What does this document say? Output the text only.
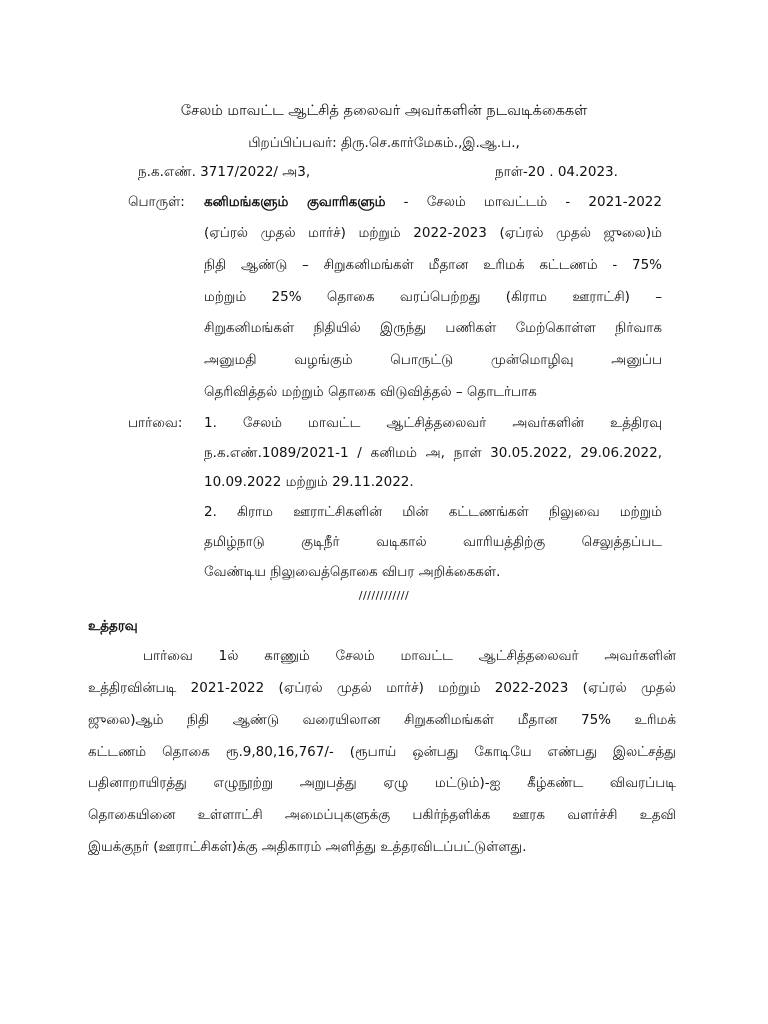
சேலம் மாவட்ட ஆட்சித் தலைவர் அவர்களின் நடவடிக்கைகள்
பிறப்பிப்பவர்: திரு.செ.கார்மேகம்.,இ.ஆ.ப.,
ந.க.எண். 3717/2022/ அ3,	நாள்-20 . 04.2023.
பொருள்: கனிமங்களும் குவாரிகளும் - சேலம் மாவட்டம் - 2021-2022
(ஏப்ரல் முதல் மார்ச்) மற்றும் 2022-2023 (ஏப்ரல் முதல் ஜுலை)ம்
நிதி ஆண்டு – சிறுகனிமங்கள் மீதான உரிமக் கட்டணம் - 75%
மற்றும் 25% தொகை வரப்பெற்றது (கிராம ஊராட்சி) –
சிறுகனிமங்கள் நிதியில் இருந்து பணிகள் மேற்கொள்ள நிர்வாக
அனுமதி வழங்கும் பொருட்டு முன்மொழிவு அனுப்ப
தெரிவித்தல் மற்றும் தொகை விடுவித்தல் – தொடர்பாக
பார்வை: 1. சேலம் மாவட்ட ஆட்சித்தலைவர் அவர்களின் உத்திரவு
ந.க.எண்.1089/2021-1 / கனிமம் அ, நாள் 30.05.2022, 29.06.2022,
10.09.2022 மற்றும் 29.11.2022.
2. கிராம ஊராட்சிகளின் மின் கட்டணங்கள் நிலுவை மற்றும்
தமிழ்நாடு குடிநீர் வடிகால் வாரியத்திற்கு செலுத்தப்பட
வேண்டிய நிலுவைத்தொகை விபர அறிக்கைகள்.
////////////
உத்தரவு
பார்வை 1ல் காணும் சேலம் மாவட்ட ஆட்சித்தலைவர் அவர்களின்
உத்திரவின்படி 2021-2022 (ஏப்ரல் முதல் மார்ச்) மற்றும் 2022-2023 (ஏப்ரல் முதல்
ஜுலை)ஆம் நிதி ஆண்டு வரையிலான சிறுகனிமங்கள் மீதான 75% உரிமக்
கட்டணம் தொகை ரூ.9,80,16,767/- (ரூபாய் ஒன்பது கோடியே எண்பது இலட்சத்து
பதினாறாயிரத்து எழுநூற்று அறுபத்து ஏழு மட்டும்)-ஐ கீழ்கண்ட விவரப்படி
தொகையினை உள்ளாட்சி அமைப்புகளுக்கு பகிர்ந்தளிக்க ஊரக வளர்ச்சி உதவி
இயக்குநர் (ஊராட்சிகள்)க்கு அதிகாரம் அளித்து உத்தரவிடப்பட்டுள்ளது.
